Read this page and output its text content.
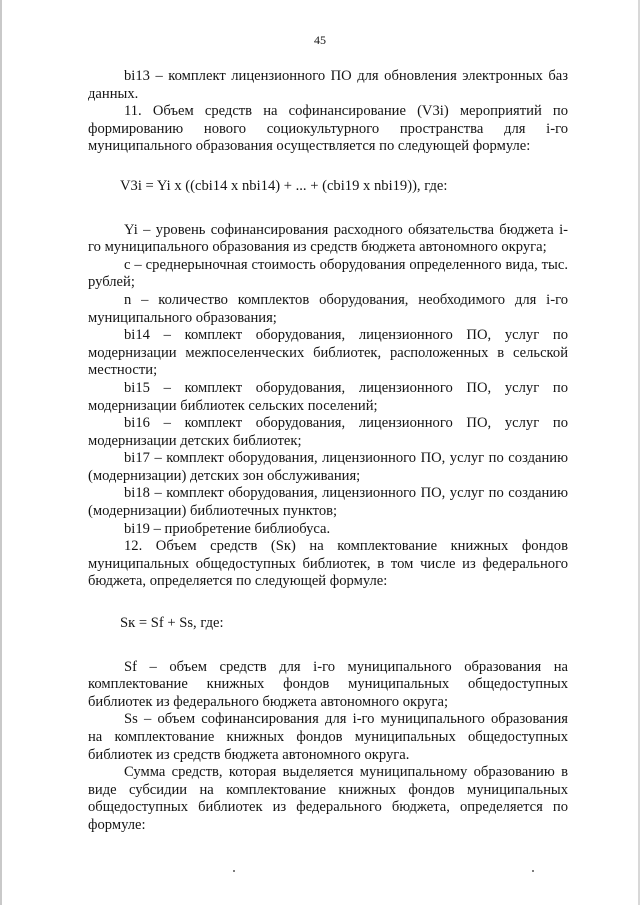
45

bi13 – комплект лицензионного ПО для обновления электронных баз данных.

11. Объем средств на софинансирование (V3i) мероприятий по формированию нового социокультурного пространства для i-го муниципального образования осуществляется по следующей формуле:

V3i = Yi x ((cbi14 x nbi14) + ... + (cbi19 x nbi19)), где:

Yi – уровень софинансирования расходного обязательства бюджета i-го муниципального образования из средств бюджета автономного округа;

с – среднерыночная стоимость оборудования определенного вида, тыс. рублей;

n – количество комплектов оборудования, необходимого для i-го муниципального образования;

bi14 – комплект оборудования, лицензионного ПО, услуг по модернизации межпоселенческих библиотек, расположенных в сельской местности;

bi15 – комплект оборудования, лицензионного ПО, услуг по модернизации библиотек сельских поселений;

bi16 – комплект оборудования, лицензионного ПО, услуг по модернизации детских библиотек;

bi17 – комплект оборудования, лицензионного ПО, услуг по созданию (модернизации) детских зон обслуживания;

bi18 – комплект оборудования, лицензионного ПО, услуг по созданию (модернизации) библиотечных пунктов;

bi19 – приобретение библиобуса.

12. Объем средств (Sк) на комплектование книжных фондов муниципальных общедоступных библиотек, в том числе из федерального бюджета, определяется по следующей формуле:

Sк = Sf + Ss, где:

Sf – объем средств для i-го муниципального образования на комплектование книжных фондов муниципальных общедоступных библиотек из федерального бюджета автономного округа;

Ss – объем софинансирования для i-го муниципального образования на комплектование книжных фондов муниципальных общедоступных библиотек из средств бюджета автономного округа.

Сумма средств, которая выделяется муниципальному образованию в виде субсидии на комплектование книжных фондов муниципальных общедоступных библиотек из федерального бюджета, определяется по формуле:
